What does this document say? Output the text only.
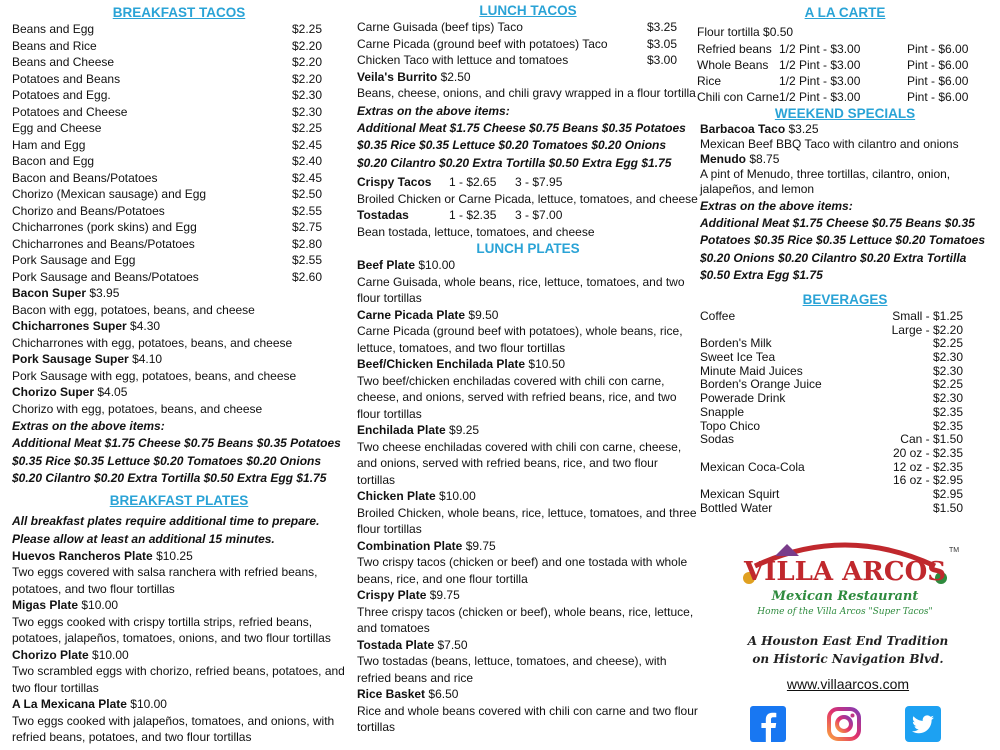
BREAKFAST TACOS
Beans and Egg	$2.25
Beans and Rice	$2.20
Beans and Cheese	$2.20
Potatoes and Beans	$2.20
Potatoes and Egg.	$2.30
Potatoes and Cheese	$2.30
Egg and Cheese	$2.25
Ham and Egg	$2.45
Bacon and Egg	$2.40
Bacon and Beans/Potatoes	$2.45
Chorizo (Mexican sausage) and Egg	$2.50
Chorizo and Beans/Potatoes	$2.55
Chicharrones (pork skins) and Egg	$2.75
Chicharrones and Beans/Potatoes	$2.80
Pork Sausage and Egg	$2.55
Pork Sausage and Beans/Potatoes	$2.60
Bacon Super $3.95
Bacon with egg, potatoes, beans, and cheese
Chicharrones Super $4.30
Chicharrones with egg, potatoes, beans, and cheese
Pork Sausage Super $4.10
Pork Sausage with egg, potatoes, beans, and cheese
Chorizo Super $4.05
Chorizo with egg, potatoes, beans, and cheese
Extras on the above items:
Additional Meat $1.75 Cheese $0.75 Beans $0.35 Potatoes $0.35 Rice $0.35 Lettuce $0.20 Tomatoes $0.20 Onions $0.20 Cilantro $0.20 Extra Tortilla $0.50 Extra Egg $1.75
BREAKFAST PLATES
All breakfast plates require additional time to prepare.
Please allow at least an additional 15 minutes.
Huevos Rancheros Plate $10.25
Two eggs covered with salsa ranchera with refried beans, potatoes, and two flour tortillas
Migas Plate $10.00
Two eggs cooked with crispy tortilla strips, refried beans, potatoes, jalapeños, tomatoes, onions, and two flour tortillas
Chorizo Plate $10.00
Two scrambled eggs with chorizo, refried beans, potatoes, and two flour tortillas
A La Mexicana Plate $10.00
Two eggs cooked with jalapeños, tomatoes, and onions, with refried beans, potatoes, and two flour tortillas
LUNCH TACOS
Carne Guisada (beef tips) Taco	$3.25
Carne Picada (ground beef with potatoes) Taco	$3.05
Chicken Taco with lettuce and tomatoes	$3.00
Veila's Burrito $2.50
Beans, cheese, onions, and chili gravy wrapped in a flour tortilla
Extras on the above items:
Additional Meat $1.75 Cheese $0.75 Beans $0.35 Potatoes $0.35 Rice $0.35 Lettuce $0.20 Tomatoes $0.20 Onions $0.20 Cilantro $0.20 Extra Tortilla $0.50 Extra Egg $1.75
Crispy Tacos	1 - $2.65	3 - $7.95
Broiled Chicken or Carne Picada, lettuce, tomatoes, and cheese
Tostadas	1 - $2.35	3 - $7.00
Bean tostada, lettuce, tomatoes, and cheese
LUNCH PLATES
Beef Plate $10.00
Carne Guisada, whole beans, rice, lettuce, tomatoes, and two flour tortillas
Carne Picada Plate $9.50
Carne Picada (ground beef with potatoes), whole beans, rice, lettuce, tomatoes, and two flour tortillas
Beef/Chicken Enchilada Plate $10.50
Two beef/chicken enchiladas covered with chili con carne, cheese, and onions, served with refried beans, rice, and two flour tortillas
Enchilada Plate $9.25
Two cheese enchiladas covered with chili con carne, cheese, and onions, served with refried beans, rice, and two flour tortillas
Chicken Plate $10.00
Broiled Chicken, whole beans, rice, lettuce, tomatoes, and three flour tortillas
Combination Plate $9.75
Two crispy tacos (chicken or beef) and one tostada with whole beans, rice, and one flour tortilla
Crispy Plate $9.75
Three crispy tacos (chicken or beef), whole beans, rice, lettuce, and tomatoes
Tostada Plate $7.50
Two tostadas (beans, lettuce, tomatoes, and cheese), with refried beans and rice
Rice Basket $6.50
Rice and whole beans covered with chili con carne and two flour tortillas
A LA CARTE
Flour tortilla $0.50
Refried beans 1/2 Pint - $3.00	Pint - $6.00
Whole Beans 1/2 Pint - $3.00	Pint - $6.00
Rice	1/2 Pint - $3.00	Pint - $6.00
Chili con Carne 1/2 Pint - $3.00	Pint - $6.00
WEEKEND SPECIALS
Barbacoa Taco $3.25
Mexican Beef BBQ Taco with cilantro and onions
Menudo $8.75
A pint of Menudo, three tortillas, cilantro, onion, jalapeños, and lemon
Extras on the above items:
Additional Meat $1.75 Cheese $0.75 Beans $0.35 Potatoes $0.35 Rice $0.35 Lettuce $0.20 Tomatoes $0.20 Onions $0.20 Cilantro $0.20 Extra Tortilla $0.50 Extra Egg $1.75
BEVERAGES
Coffee	Small - $1.25
Large - $2.20
Borden's Milk	$2.25
Sweet Ice Tea	$2.30
Minute Maid Juices	$2.30
Borden's Orange Juice	$2.25
Powerade Drink	$2.30
Snapple	$2.35
Topo Chico	$2.35
Sodas	Can - $1.50
20 oz - $2.35
Mexican Coca-Cola	12 oz - $2.35
16 oz - $2.95
Mexican Squirt	$2.95
Bottled Water	$1.50
VILLA ARCOS
TM
Mexican Restaurant
Home of the Villa Arcos "Super Tacos"
A Houston East End Tradition
on Historic Navigation Blvd.
www.villaarcos.com
